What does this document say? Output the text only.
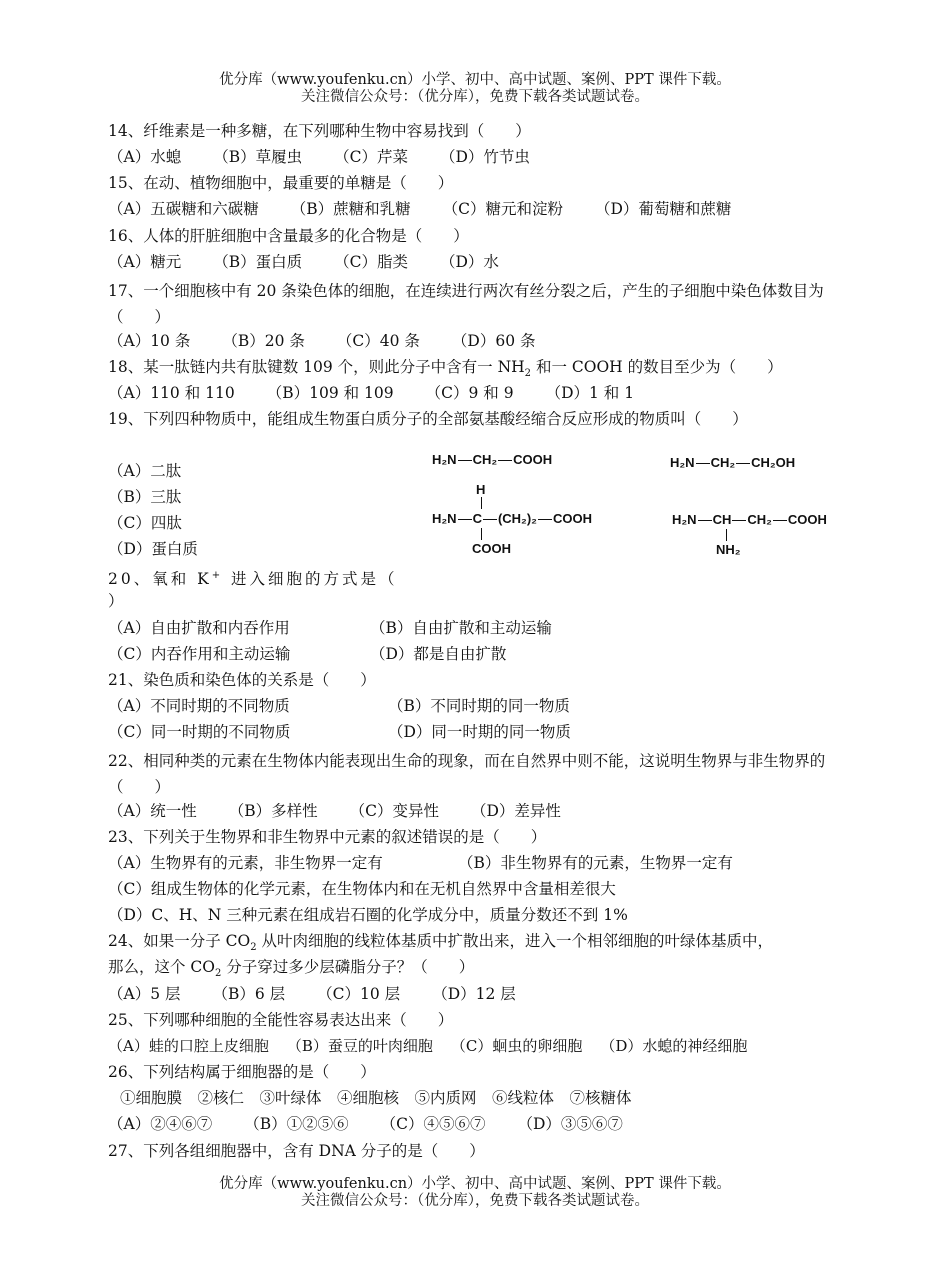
优分库（www.youfenku.cn）小学、初中、高中试题、案例、PPT 课件下载。
关注微信公众号：（优分库），免费下载各类试题试卷。
14、纤维素是一种多糖，在下列哪种生物中容易找到（　　）
（A）水螅 （B）草履虫 （C）芹菜 （D）竹节虫
15、在动、植物细胞中，最重要的单糖是（　　）
（A）五碳糖和六碳糖 （B）蔗糖和乳糖 （C）糖元和淀粉 （D）葡萄糖和蔗糖
16、人体的肝脏细胞中含量最多的化合物是（　　）
（A）糖元 （B）蛋白质 （C）脂类 （D）水
17、一个细胞核中有 20 条染色体的细胞，在连续进行两次有丝分裂之后，产生的子细胞中染色体数目为（　　）
（A）10 条 （B）20 条 （C）40 条 （D）60 条
18、某一肽链内共有肽键数 109 个，则此分子中含有一 $NH_2$ 和一 COOH 的数目至少为（　　）
（A）110 和 110 （B）109 和 109 （C）9 和 9 （D）1 和 1
19、下列四种物质中，能组成生物蛋白质分子的全部氨基酸经缩合反应形成的物质叫（　　）
（A）二肽
（B）三肽
（C）四肽
（D）蛋白质
H₂N CH₂ COOH	H₂N CH₂ CH₂OH
H
H₂N C (CH₂)₂ COOH
COOH
H₂N CH CH₂ COOH
NH₂
20、氧和 K+ 进入细胞的方式是（
）
（A）自由扩散和内吞作用	（B）自由扩散和主动运输
（C）内吞作用和主动运输	（D）都是自由扩散
21、染色质和染色体的关系是（　　）
（A）不同时期的不同物质	（B）不同时期的同一物质
（C）同一时期的不同物质	（D）同一时期的同一物质
22、相同种类的元素在生物体内能表现出生命的现象，而在自然界中则不能，这说明生物界与非生物界的（　　）
（A）统一性 （B）多样性 （C）变异性 （D）差异性
23、下列关于生物界和非生物界中元素的叙述错误的是（　　）
（A）生物界有的元素，非生物界一定有	（B）非生物界有的元素，生物界一定有
（C）组成生物体的化学元素，在生物体内和在无机自然界中含量相差很大
（D）C、H、N 三种元素在组成岩石圈的化学成分中，质量分数还不到 1%
24、如果一分子 $CO_2$ 从叶肉细胞的线粒体基质中扩散出来，进入一个相邻细胞的叶绿体基质中，
那么，这个 $CO_2$ 分子穿过多少层磷脂分子？（　　）
（A）5 层 （B）6 层 （C）10 层 （D）12 层
25、下列哪种细胞的全能性容易表达出来（　　）
（A）蛙的口腔上皮细胞 （B）蚕豆的叶肉细胞 （C）蛔虫的卵细胞 （D）水螅的神经细胞
26、下列结构属于细胞器的是（　　）
①细胞膜　②核仁　③叶绿体　④细胞核　⑤内质网　⑥线粒体　⑦核糖体
（A）②④⑥⑦ （B）①②⑤⑥ （C）④⑤⑥⑦ （D）③⑤⑥⑦
27、下列各组细胞器中，含有 DNA 分子的是（　　）
优分库（www.youfenku.cn）小学、初中、高中试题、案例、PPT 课件下载。
关注微信公众号：（优分库），免费下载各类试题试卷。
